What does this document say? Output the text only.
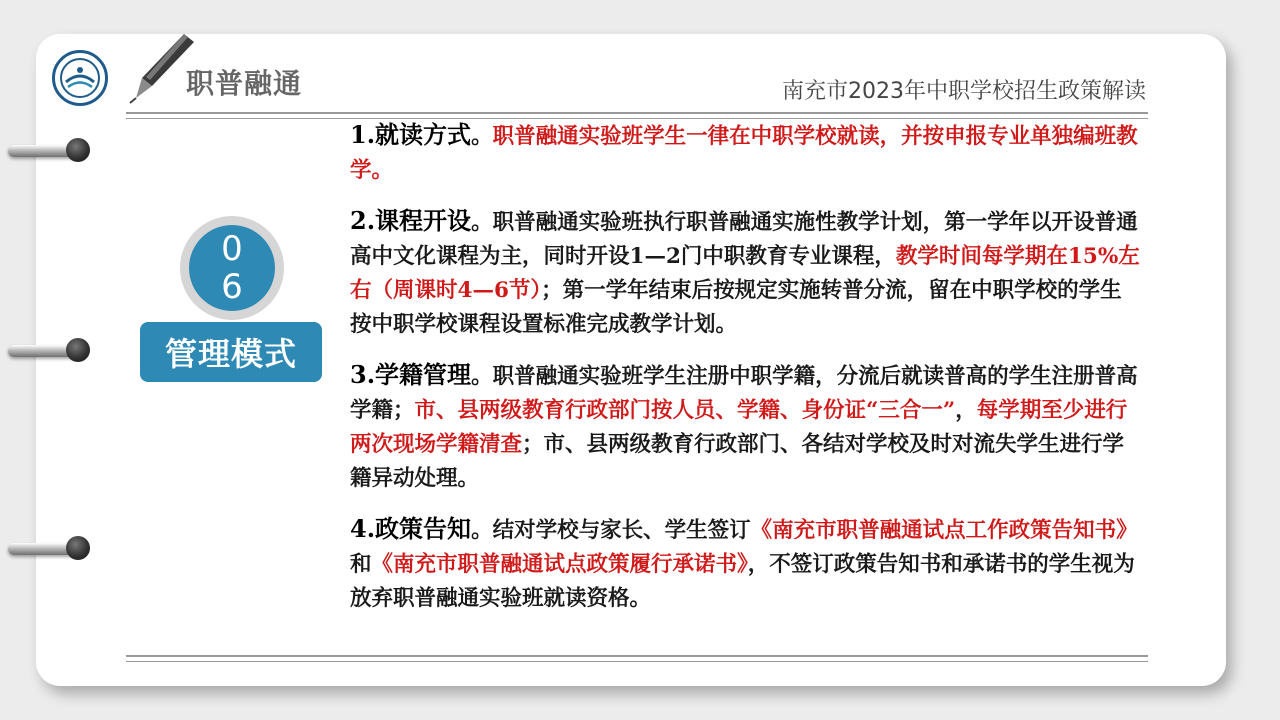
职普融通	南充市2023年中职学校招生政策解读
0
6
管理模式

1.就读方式。职普融通实验班学生一律在中职学校就读，并按申报专业单独编班教学。

2.课程开设。职普融通实验班执行职普融通实施性教学计划，第一学年以开设普通高中文化课程为主，同时开设1—2门中职教育专业课程，教学时间每学期在15%左右（周课时4—6节）；第一学年结束后按规定实施转普分流，留在中职学校的学生按中职学校课程设置标准完成教学计划。

3.学籍管理。职普融通实验班学生注册中职学籍，分流后就读普高的学生注册普高学籍；市、县两级教育行政部门按人员、学籍、身份证“三合一”，每学期至少进行两次现场学籍清查；市、县两级教育行政部门、各结对学校及时对流失学生进行学籍异动处理。

4.政策告知。结对学校与家长、学生签订《南充市职普融通试点工作政策告知书》和《南充市职普融通试点政策履行承诺书》，不签订政策告知书和承诺书的学生视为放弃职普融通实验班就读资格。
